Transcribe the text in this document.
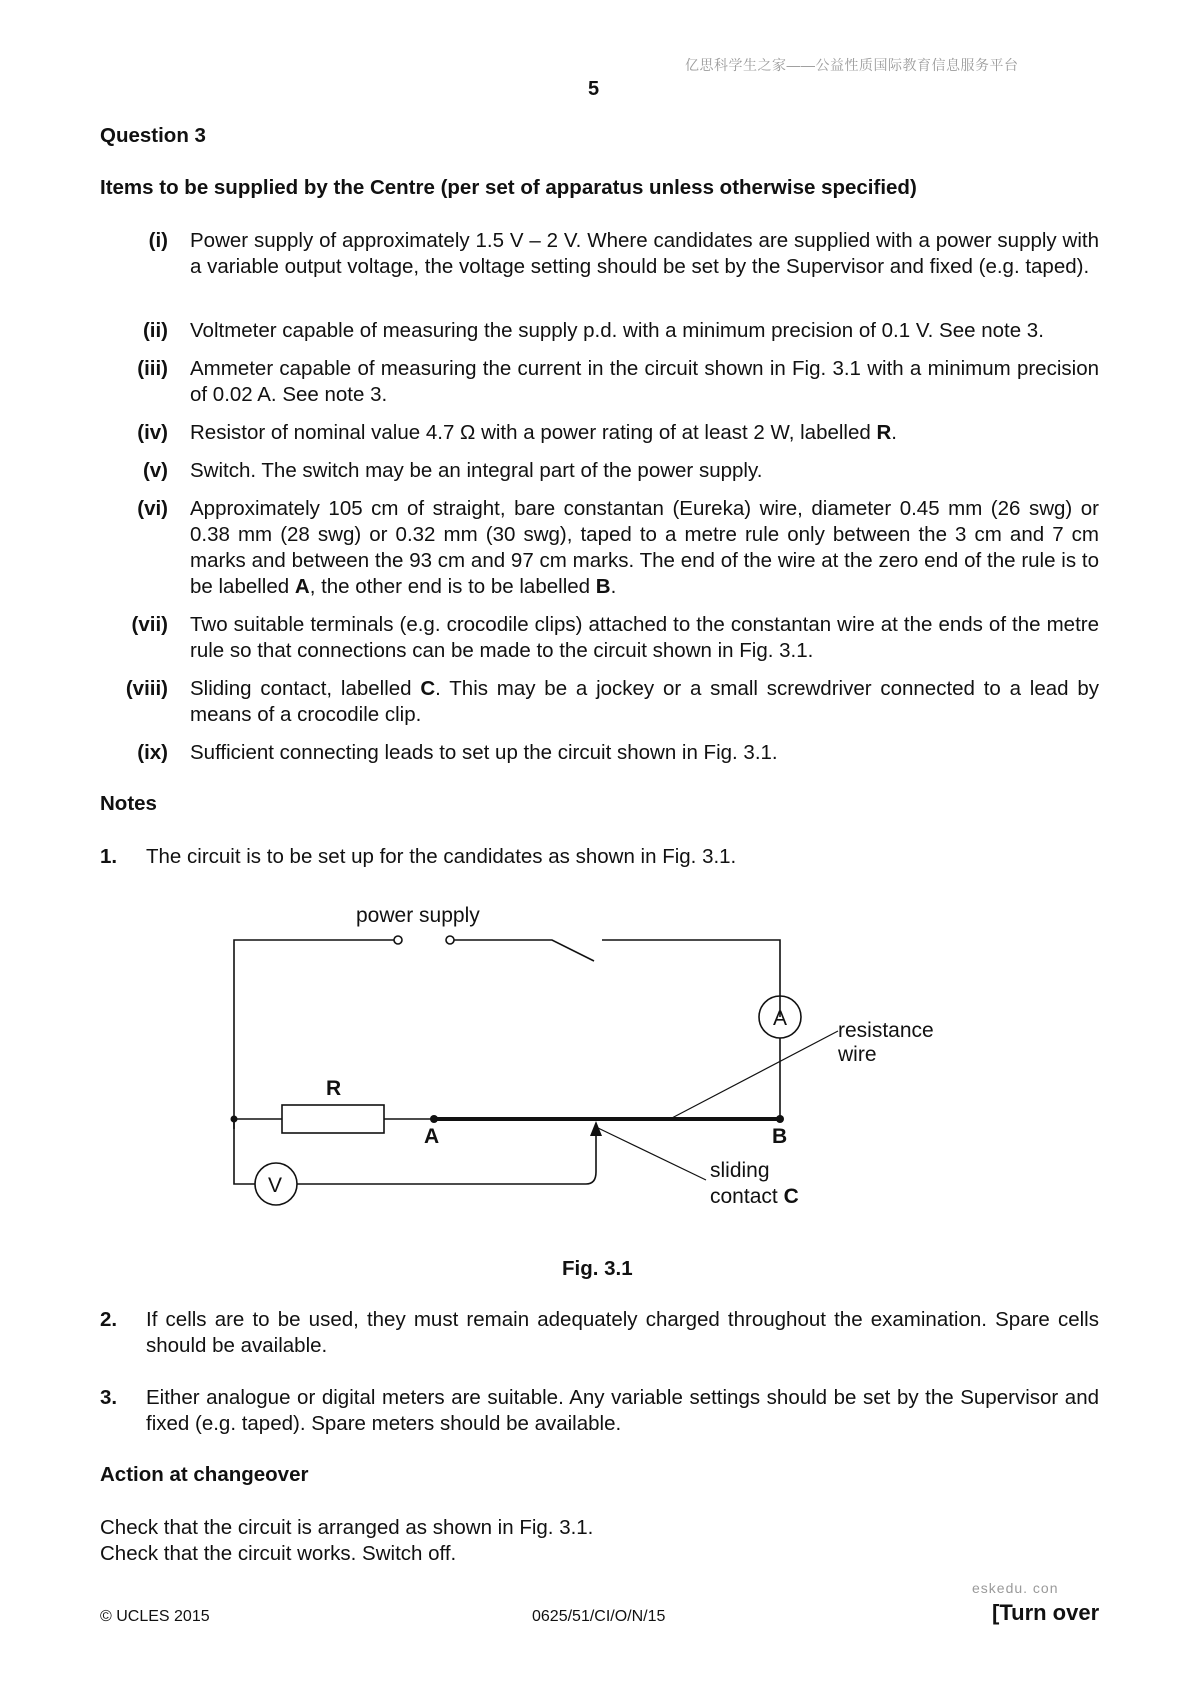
亿思科学生之家——公益性质国际教育信息服务平台
5
Question 3
Items to be supplied by the Centre (per set of apparatus unless otherwise specified)
(i) Power supply of approximately 1.5 V – 2 V. Where candidates are supplied with a power supply with a variable output voltage, the voltage setting should be set by the Supervisor and fixed (e.g. taped).
(ii) Voltmeter capable of measuring the supply p.d. with a minimum precision of 0.1 V. See note 3.
(iii) Ammeter capable of measuring the current in the circuit shown in Fig. 3.1 with a minimum precision of 0.02 A. See note 3.
(iv) Resistor of nominal value 4.7 Ω with a power rating of at least 2 W, labelled R.
(v) Switch. The switch may be an integral part of the power supply.
(vi) Approximately 105 cm of straight, bare constantan (Eureka) wire, diameter 0.45 mm (26 swg) or 0.38 mm (28 swg) or 0.32 mm (30 swg), taped to a metre rule only between the 3 cm and 7 cm marks and between the 93 cm and 97 cm marks. The end of the wire at the zero end of the rule is to be labelled A, the other end is to be labelled B.
(vii) Two suitable terminals (e.g. crocodile clips) attached to the constantan wire at the ends of the metre rule so that connections can be made to the circuit shown in Fig. 3.1.
(viii) Sliding contact, labelled C. This may be a jockey or a small screwdriver connected to a lead by means of a crocodile clip.
(ix) Sufficient connecting leads to set up the circuit shown in Fig. 3.1.
Notes
1. The circuit is to be set up for the candidates as shown in Fig. 3.1.
power supply
A
resistance
wire
R
A	B
V
sliding
contact C
Fig. 3.1
2. If cells are to be used, they must remain adequately charged throughout the examination. Spare cells should be available.
3. Either analogue or digital meters are suitable. Any variable settings should be set by the Supervisor and fixed (e.g. taped). Spare meters should be available.
Action at changeover
Check that the circuit is arranged as shown in Fig. 3.1.
Check that the circuit works. Switch off.
eskedu. con
© UCLES 2015	0625/51/CI/O/N/15	[Turn over
